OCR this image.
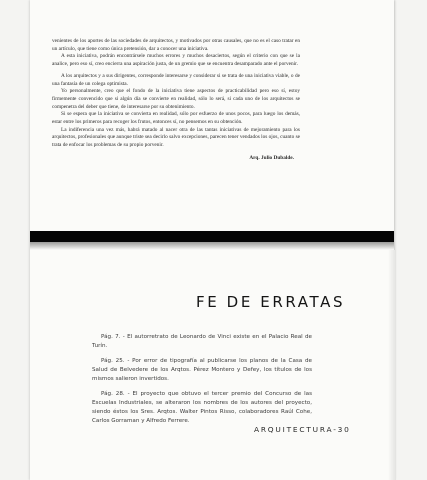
venientes de los aportes de las sociedades de arquitectos, y motivados por otras causales, que no es el caso tratar en un artículo, que tiene como única pretensión, dar a conocer una iniciativa.

A esta iniciativa, podrán encontrársele muchos errores y muchos desaciertos, según el criterio con que se la analice, pero eso sí, creo encierra una aspiración justa, de un gremio que se encuentra desamparado ante el porvenir.

A los arquitectos y a sus dirigentes, corresponde interesarse y considerar si se trata de una iniciativa viable, o de una fantasía de un colega optimista.

Yo personalmente, creo que el fondo de la iniciativa tiene aspectos de practicabilidad pero eso sí, estoy firmemente convencido que si algún día se convierte en realidad, sólo lo será, si cada uno de los arquitectos se compenetra del deber que tiene, de interesarse por su obtenimiento.

Si se espera que la iniciativa se convierta en realidad, sólo por esfuerzo de unos pocos, para luego los demás, estar entre los primeros para recoger los frutos, entonces sí, no pensemos en su obtención.

La indiferencia una vez más, habrá matado al nacer otra de las tantas iniciativas de mejoramiento para los arquitectos, profesionales que aunque triste sea decirlo salvo excepciones, parecen tener vendados los ojos, cuanto se trata de enfocar los problemas de su propio porvenir.

Arq. Julio Dubalde.
FE DE ERRATAS

Pág. 7. - El autorretrato de Leonardo de Vinci existe en el Palacio Real de Turín.

Pág. 25. - Por error de tipografía al publicarse los planos de la Casa de Salud de Belvedere de los Arqtos. Pérez Montero y Defey, los títulos de los mismos salieron invertidos.

Pág. 28. - El proyecto que obtuvo el tercer premio del Concurso de las Escuelas Industriales, se alteraron los nombres de los autores del proyecto, siendo éstos los Sres. Arqtos. Walter Pintos Risso, colaboradores Raúl Cohe, Carlos Gorraman y Alfredo Ferrere.

ARQUITECTURA-30
